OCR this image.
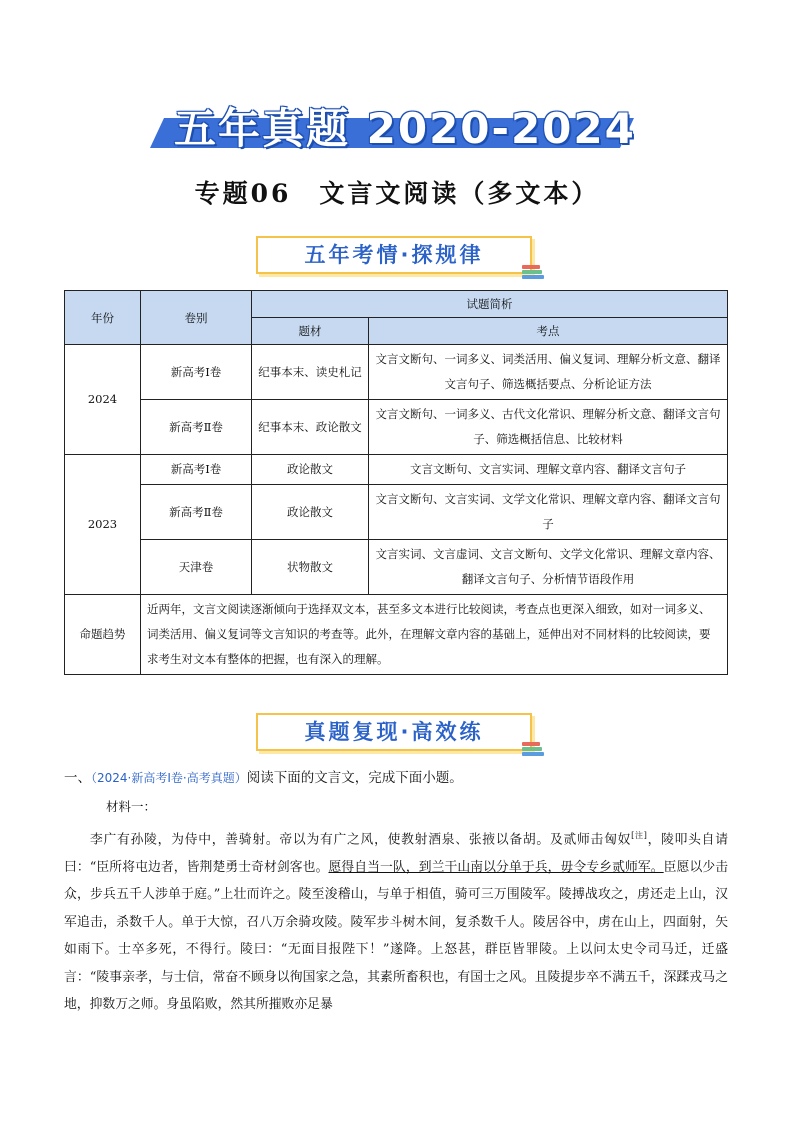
五年真题 2020-2024
专题06　文言文阅读（多文本）
五年考情·探规律
年份	卷别	试题简析	
		题材	考点
2024	新高考Ⅰ卷	纪事本末、读史札记	文言文断句、一词多义、词类活用、偏义复词、理解分析文意、翻译文言句子、筛选概括要点、分析论证方法
	新高考Ⅱ卷	纪事本末、政论散文	文言文断句、一词多义、古代文化常识、理解分析文意、翻译文言句子、筛选概括信息、比较材料
2023	新高考Ⅰ卷	政论散文	文言文断句、文言实词、理解文章内容、翻译文言句子
	新高考Ⅱ卷	政论散文	文言文断句、文言实词、文学文化常识、理解文章内容、翻译文言句子
	天津卷	状物散文	文言实词、文言虚词、文言文断句、文学文化常识、理解文章内容、翻译文言句子、分析情节语段作用
命题趋势	近两年，文言文阅读逐渐倾向于选择双文本，甚至多文本进行比较阅读，考查点也更深入细致，如对一词多义、词类活用、偏义复词等文言知识的考查等。此外，在理解文章内容的基础上，延伸出对不同材料的比较阅读，要求考生对文本有整体的把握，也有深入的理解。		
真题复现·高效练
一、（2024·新高考Ⅰ卷·高考真题）阅读下面的文言文，完成下面小题。
材料一：
李广有孙陵，为侍中，善骑射。帝以为有广之风，使教射酒泉、张掖以备胡。及贰师击匈奴[注]，陵叩头自请曰：“臣所将屯边者，皆荆楚勇士奇材剑客也。愿得自当一队，到兰干山南以分单于兵，毋令专乡贰师军。臣愿以少击众，步兵五千人涉单于庭。”上壮而许之。陵至浚稽山，与单于相值，骑可三万围陵军。陵搏战攻之，虏还走上山，汉军追击，杀数千人。单于大惊，召八万余骑攻陵。陵军步斗树木间，复杀数千人。陵居谷中，虏在山上，四面射，矢如雨下。士卒多死，不得行。陵曰：“无面目报陛下！”遂降。上怒甚，群臣皆罪陵。上以问太史令司马迁，迁盛言：“陵事亲孝，与士信，常奋不顾身以徇国家之急，其素所畜积也，有国士之风。且陵提步卒不满五千，深蹂戎马之地，抑数万之师。身虽陷败，然其所摧败亦足暴
